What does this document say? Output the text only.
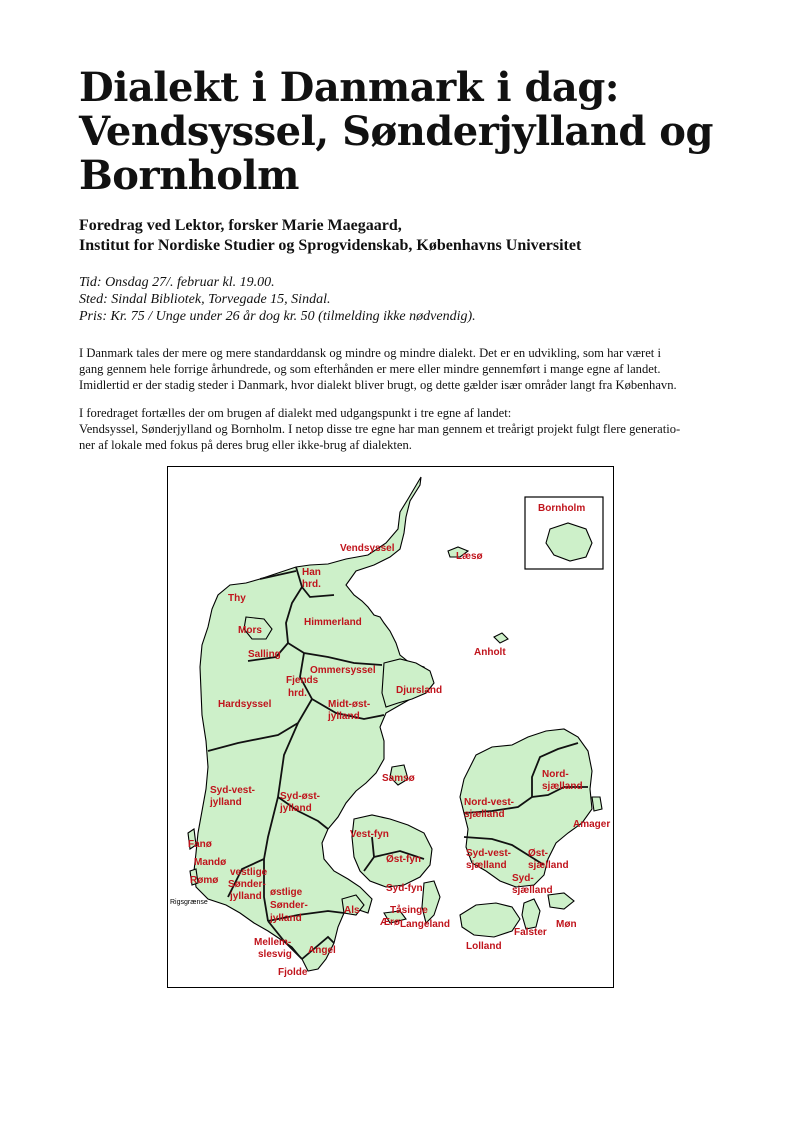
Dialekt i Danmark i dag:
Vendsyssel, Sønderjylland og
Bornholm
Foredrag ved Lektor, forsker Marie Maegaard,
Institut for Nordiske Studier og Sprogvidenskab, Københavns Universitet
Tid: Onsdag 27/. februar kl. 19.00.
Sted: Sindal Bibliotek, Torvegade 15, Sindal.
Pris: Kr. 75 / Unge under 26 år dog kr. 50 (tilmelding ikke nødvendig).
I Danmark tales der mere og mere standarddansk og mindre og mindre dialekt. Det er en udvikling, som har været i
gang gennem hele forrige århundrede, og som efterhånden er mere eller mindre gennemført i mange egne af landet.
Imidlertid er der stadig steder i Danmark, hvor dialekt bliver brugt, og dette gælder især områder langt fra København.
I foredraget fortælles der om brugen af dialekt med udgangspunkt i tre egne af landet:
Vendsyssel, Sønderjylland og Bornholm. I netop disse tre egne har man gennem et treårigt projekt fulgt flere generatio-
ner af lokale med fokus på deres brug eller ikke-brug af dialekten.
Bornholm
Vendsyssel
Læsø
Han
hrd.
Thy
Himmerland
Mors
Salling	Anholt
Ommersyssel
Fjends
hrd.	Djursland
Hardsyssel	Midt-øst-
jylland
Nord-
sjælland
Samsø
Syd-vest-
jylland
Syd-øst-
jylland
Nord-vest-
sjælland
Amager
Fanø
Vest-fyn
Mandø
vestlige
Sønder-
jylland
Øst-fyn
Syd-vest-
sjælland
Øst-
sjælland
Rømø
Syd-fyn
Syd-
sjælland
Rigsgrænse
østlige
Sønder-
jylland
Als	Tåsinge
Ærø Langeland
Falster
Møn
Mellem-
slesvig Angel	Lolland
Fjolde
